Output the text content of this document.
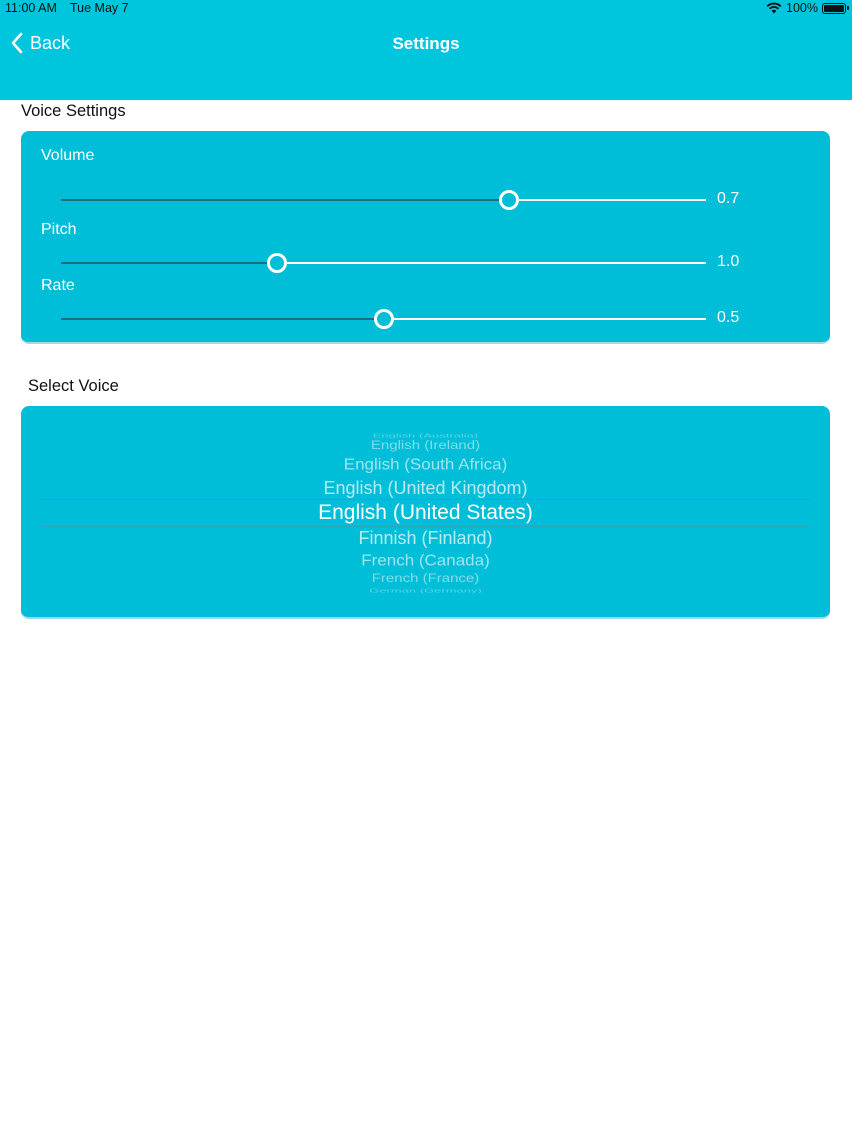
11:00 AM Tue May 7	100%
Back	Settings
Voice Settings
Volume
0.7
Pitch
1.0
Rate
0.5
Select Voice
English (Australia)
English (Ireland)
English (South Africa)
English (United Kingdom)
English (United States)
Finnish (Finland)
French (Canada)
French (France)
German (Germany)
